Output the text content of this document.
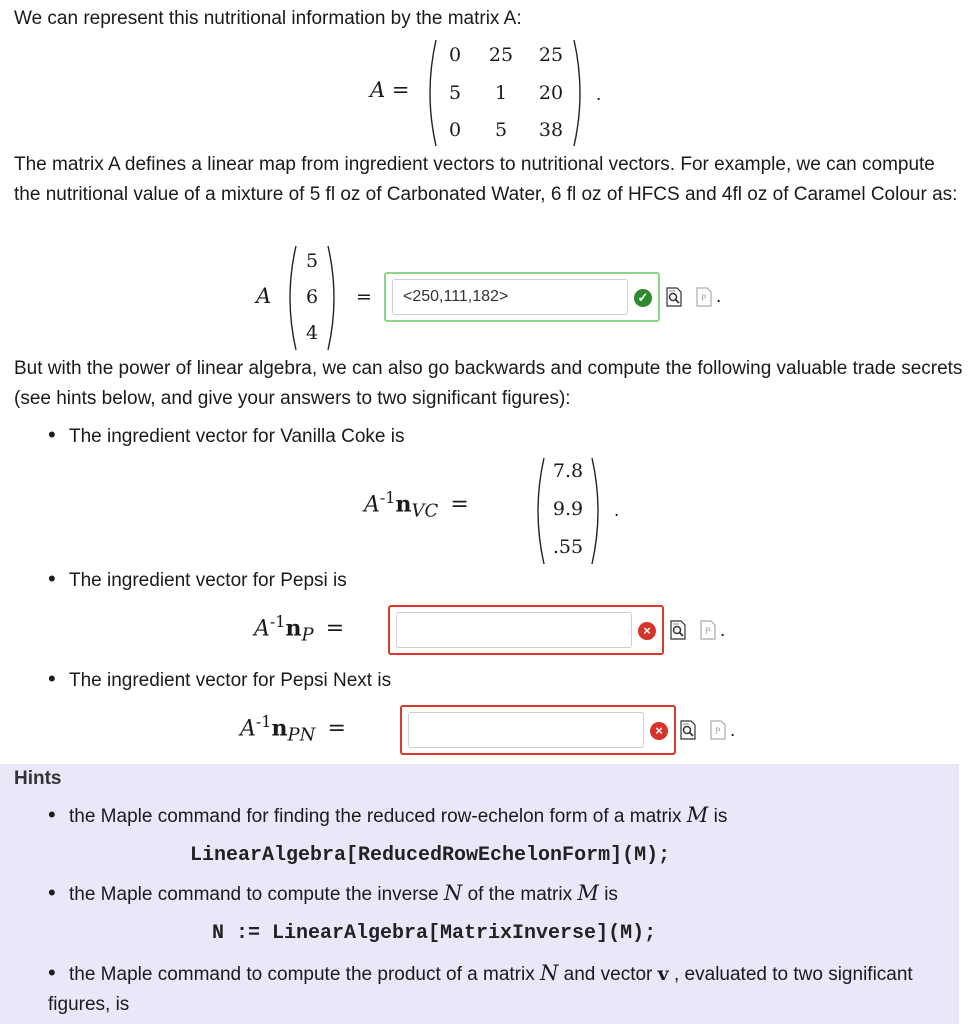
We can represent this nutritional information by the matrix A:
A =
0 25 25
5	1	20
0	5	38
.
The matrix A defines a linear map from ingredient vectors to nutritional vectors. For example, we can compute the nutritional value of a mixture of 5 fl oz of Carbonated Water, 6 fl oz of HFCS and 4fl oz of Caramel Colour as:
A
5
6
4
=	<250,111,182>	✓	.
But with the power of linear algebra, we can also go backwards and compute the following valuable trade secrets (see hints below, and give your answers to two significant figures):
• The ingredient vector for Vanilla Coke is
$A^{-1}n_{VC}$ =
7.8
9.9
.55
.
• The ingredient vector for Pepsi is
$A^{-1}n_P$ =	×	.
• The ingredient vector for Pepsi Next is
$A^{-1}n_{PN}$ =	×	.
Hints
• the Maple command for finding the reduced row-echelon form of a matrix M is
LinearAlgebra[ReducedRowEchelonForm](M);
• the Maple command to compute the inverse N of the matrix M is
N := LinearAlgebra[MatrixInverse](M);
• the Maple command to compute the product of a matrix N and vector v , evaluated to two significant figures, is
